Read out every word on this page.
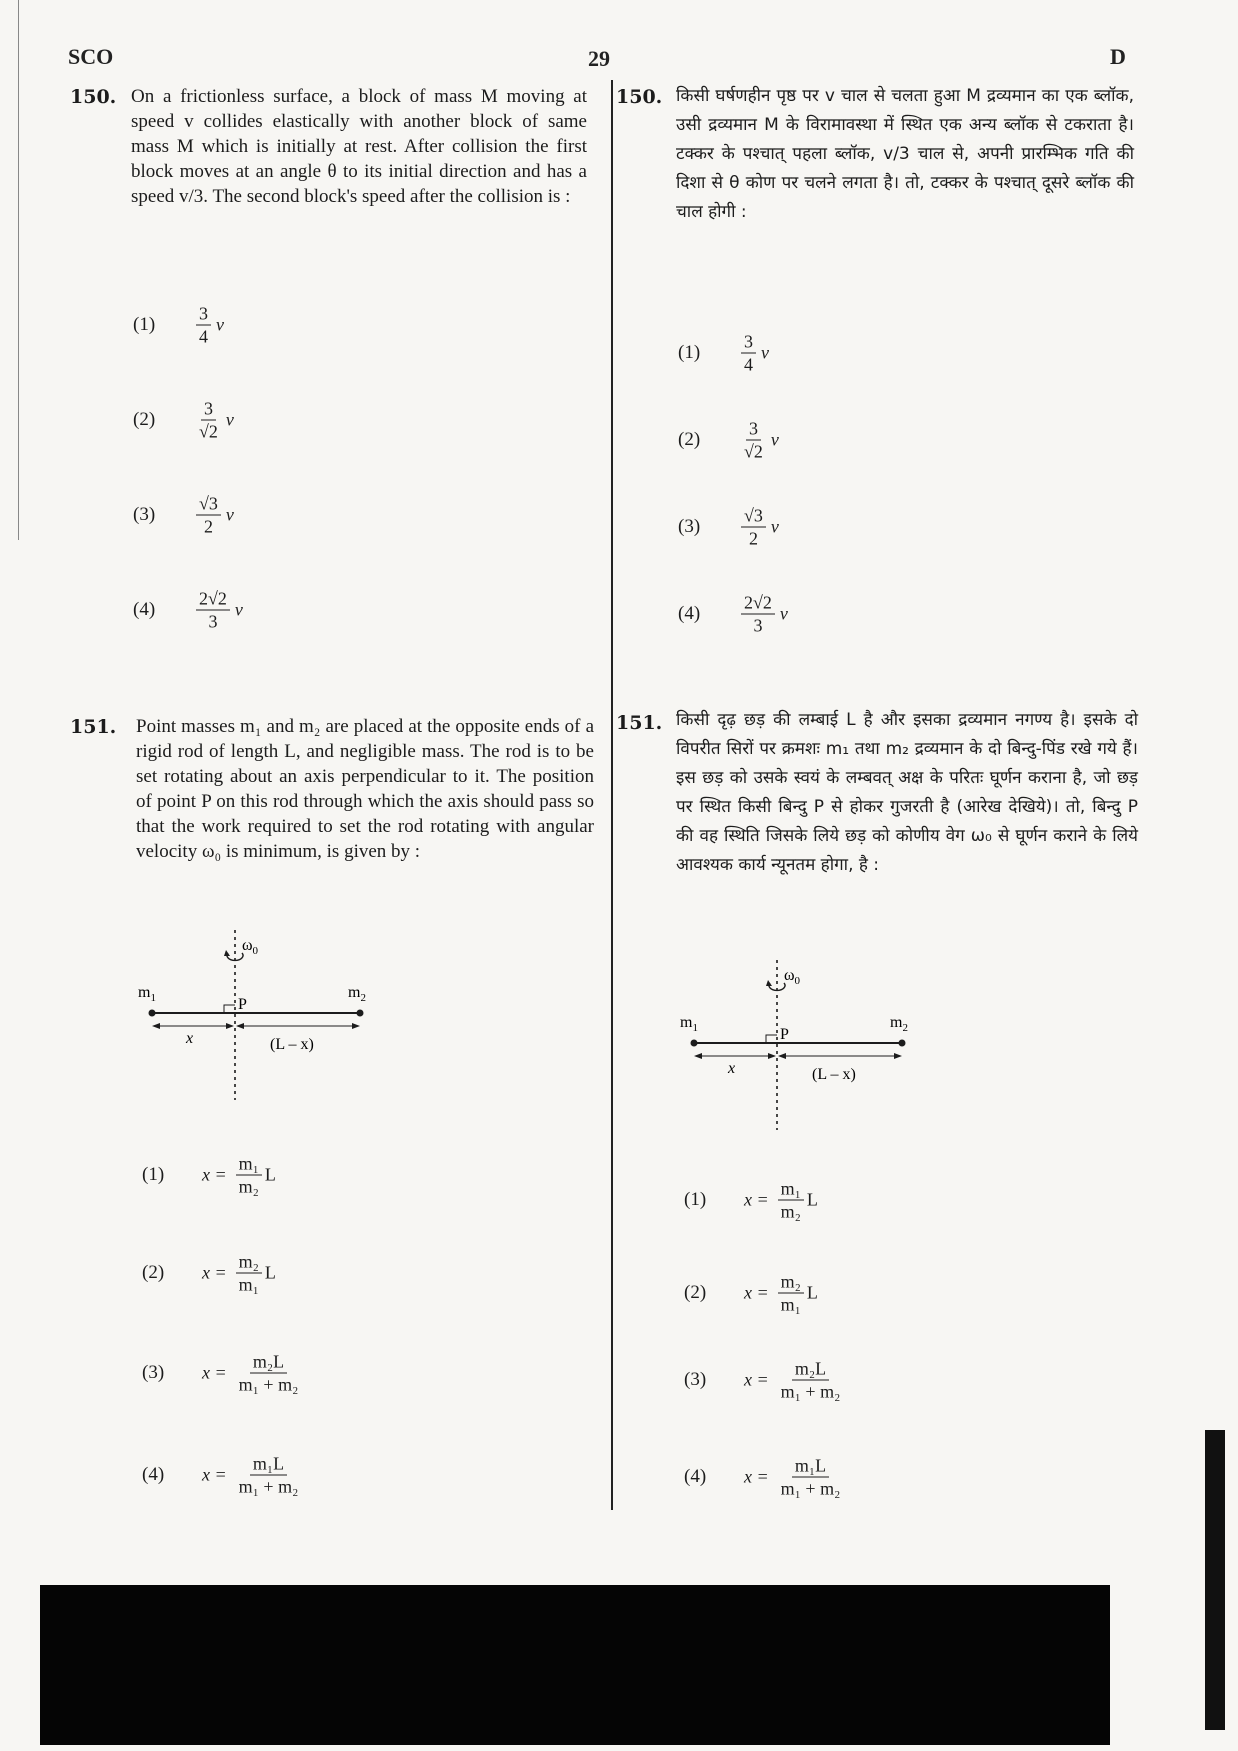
SCO	29	D
150. On a frictionless surface, a block of mass M moving at speed v collides elastically with another block of same mass M which is initially at rest. After collision the first block moves at an angle θ to its initial direction and has a speed v/3. The second block's speed after the collision is :
$(1) \frac{3}{4}$ v
$(2) \frac{3}{√2}$ v
$(3) \frac{√3}{2}$ v
$(4) \frac{2√2}{3}$ v
150. किसी घर्षणहीन पृष्ठ पर v चाल से चलता हुआ M द्रव्यमान का एक ब्लॉक, उसी द्रव्यमान M के विरामावस्था में स्थित एक अन्य ब्लॉक से टकराता है। टक्कर के पश्चात् पहला ब्लॉक, v/3 चाल से, अपनी प्रारम्भिक गति की दिशा से θ कोण पर चलने लगता है। तो, टक्कर के पश्चात् दूसरे ब्लॉक की चाल होगी :
$(1) \frac{3}{4}$ v
$(2) \frac{3}{√2}$ v
$(3) \frac{√3}{2}$ v
$(4) \frac{2√2}{3}$ v
151. Point masses m₁ and m₂ are placed at the opposite ends of a rigid rod of length L, and negligible mass. The rod is to be set rotating about an axis perpendicular to it. The position of point P on this rod through which the axis should pass so that the work required to set the rod rotating with angular velocity ω₀ is minimum, is given by :
$\omega_0$
$m_1$	$m_2$
P
x	(L – x)
(1) $x = \frac{\text{m₁}}{\text{m₂}}$ L
(2) $x = \frac{\text{m₂}}{\text{m₁}}$ L
(3) $x = \frac{\text{m₂L}}{\text{m₁ + m₂}}$
(4) $x = \frac{\text{m₁L}}{\text{m₁ + m₂}}$
151. किसी दृढ़ छड़ की लम्बाई L है और इसका द्रव्यमान नगण्य है। इसके दो विपरीत सिरों पर क्रमशः m₁ तथा m₂ द्रव्यमान के दो बिन्दु-पिंड रखे गये हैं। इस छड़ को उसके स्वयं के लम्बवत् अक्ष के परितः घूर्णन कराना है, जो छड़ पर स्थित किसी बिन्दु P से होकर गुजरती है (आरेख देखिये)। तो, बिन्दु P की वह स्थिति जिसके लिये छड़ को कोणीय वेग ω₀ से घूर्णन कराने के लिये आवश्यक कार्य न्यूनतम होगा, है :
$\omega_0$
$m_1$	$m_2$
P
x	(L – x)
(1) $x = \frac{\text{m₁}}{\text{m₂}}$ L
(2) $x = \frac{\text{m₂}}{\text{m₁}}$ L
(3) $x = \frac{\text{m₂L}}{\text{m₁ + m₂}}$
(4) $x = \frac{\text{m₁L}}{\text{m₁ + m₂}}$
